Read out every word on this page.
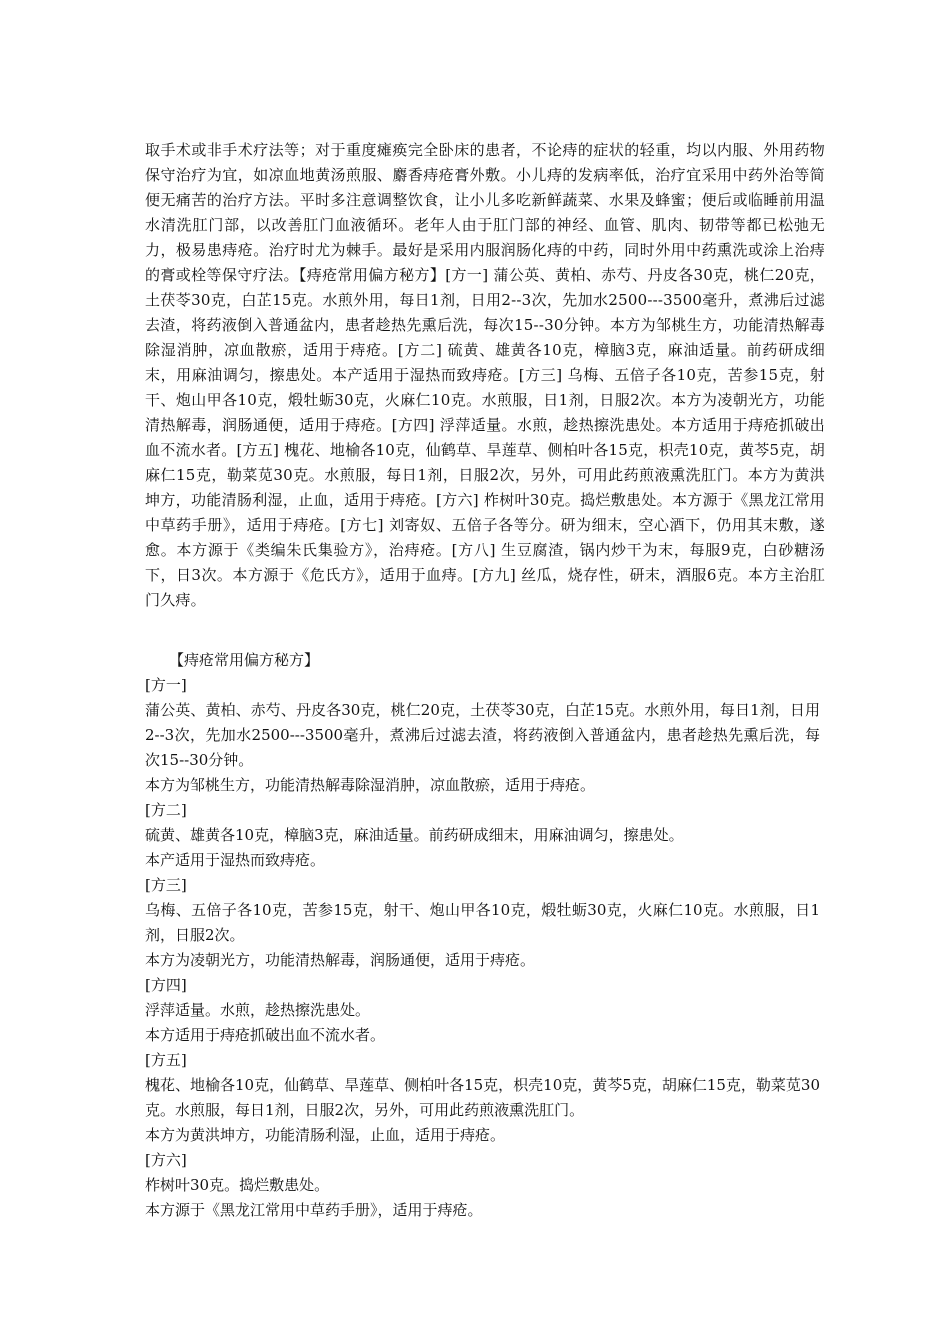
取手术或非手术疗法等；对于重度瘫痪完全卧床的患者，不论痔的症状的轻重，均以内服、外用药物保守治疗为宜，如凉血地黄汤煎服、麝香痔疮膏外敷。小儿痔的发病率低，治疗宜采用中药外治等简便无痛苦的治疗方法。平时多注意调整饮食，让小儿多吃新鲜蔬菜、水果及蜂蜜；便后或临睡前用温水清洗肛门部，以改善肛门血液循环。老年人由于肛门部的神经、血管、肌肉、韧带等都已松弛无力，极易患痔疮。治疗时尤为棘手。最好是采用内服润肠化痔的中药，同时外用中药熏洗或涂上治痔的膏或栓等保守疗法。【痔疮常用偏方秘方】[方一] 蒲公英、黄柏、赤芍、丹皮各30克，桃仁20克，土茯苓30克，白芷15克。水煎外用，每日1剂，日用2--3次，先加水2500---3500毫升，煮沸后过滤去渣，将药液倒入普通盆内，患者趁热先熏后洗，每次15--30分钟。本方为邹桃生方，功能清热解毒除湿消肿，凉血散瘀，适用于痔疮。[方二] 硫黄、雄黄各10克，樟脑3克，麻油适量。前药研成细末，用麻油调匀，擦患处。本产适用于湿热而致痔疮。[方三] 乌梅、五倍子各10克，苦参15克，射干、炮山甲各10克，煅牡蛎30克，火麻仁10克。水煎服，日1剂，日服2次。本方为凌朝光方，功能清热解毒，润肠通便，适用于痔疮。[方四] 浮萍适量。水煎，趁热擦洗患处。本方适用于痔疮抓破出血不流水者。[方五] 槐花、地榆各10克，仙鹤草、旱莲草、侧柏叶各15克，枳壳10克，黄芩5克，胡麻仁15克，勒菜苋30克。水煎服，每日1剂，日服2次，另外，可用此药煎液熏洗肛门。本方为黄洪坤方，功能清肠利湿，止血，适用于痔疮。[方六] 柞树叶30克。捣烂敷患处。本方源于《黑龙江常用中草药手册》，适用于痔疮。[方七] 刘寄奴、五倍子各等分。研为细末，空心酒下，仍用其末敷，遂愈。本方源于《类编朱氏集验方》，治痔疮。[方八] 生豆腐渣，锅内炒干为末，每服9克，白砂糖汤下，日3次。本方源于《危氏方》，适用于血痔。[方九] 丝瓜，烧存性，研末，酒服6克。本方主治肛门久痔。

【痔疮常用偏方秘方】

[方一]

蒲公英、黄柏、赤芍、丹皮各30克，桃仁20克，土茯苓30克，白芷15克。水煎外用，每日1剂，日用2--3次，先加水2500---3500毫升，煮沸后过滤去渣，将药液倒入普通盆内，患者趁热先熏后洗，每次15--30分钟。

本方为邹桃生方，功能清热解毒除湿消肿，凉血散瘀，适用于痔疮。

[方二]

硫黄、雄黄各10克，樟脑3克，麻油适量。前药研成细末，用麻油调匀，擦患处。

本产适用于湿热而致痔疮。

[方三]

乌梅、五倍子各10克，苦参15克，射干、炮山甲各10克，煅牡蛎30克，火麻仁10克。水煎服，日1剂，日服2次。

本方为凌朝光方，功能清热解毒，润肠通便，适用于痔疮。

[方四]

浮萍适量。水煎，趁热擦洗患处。

本方适用于痔疮抓破出血不流水者。

[方五]

槐花、地榆各10克，仙鹤草、旱莲草、侧柏叶各15克，枳壳10克，黄芩5克，胡麻仁15克，勒菜苋30克。水煎服，每日1剂，日服2次，另外，可用此药煎液熏洗肛门。

本方为黄洪坤方，功能清肠利湿，止血，适用于痔疮。

[方六]

柞树叶30克。捣烂敷患处。

本方源于《黑龙江常用中草药手册》，适用于痔疮。
